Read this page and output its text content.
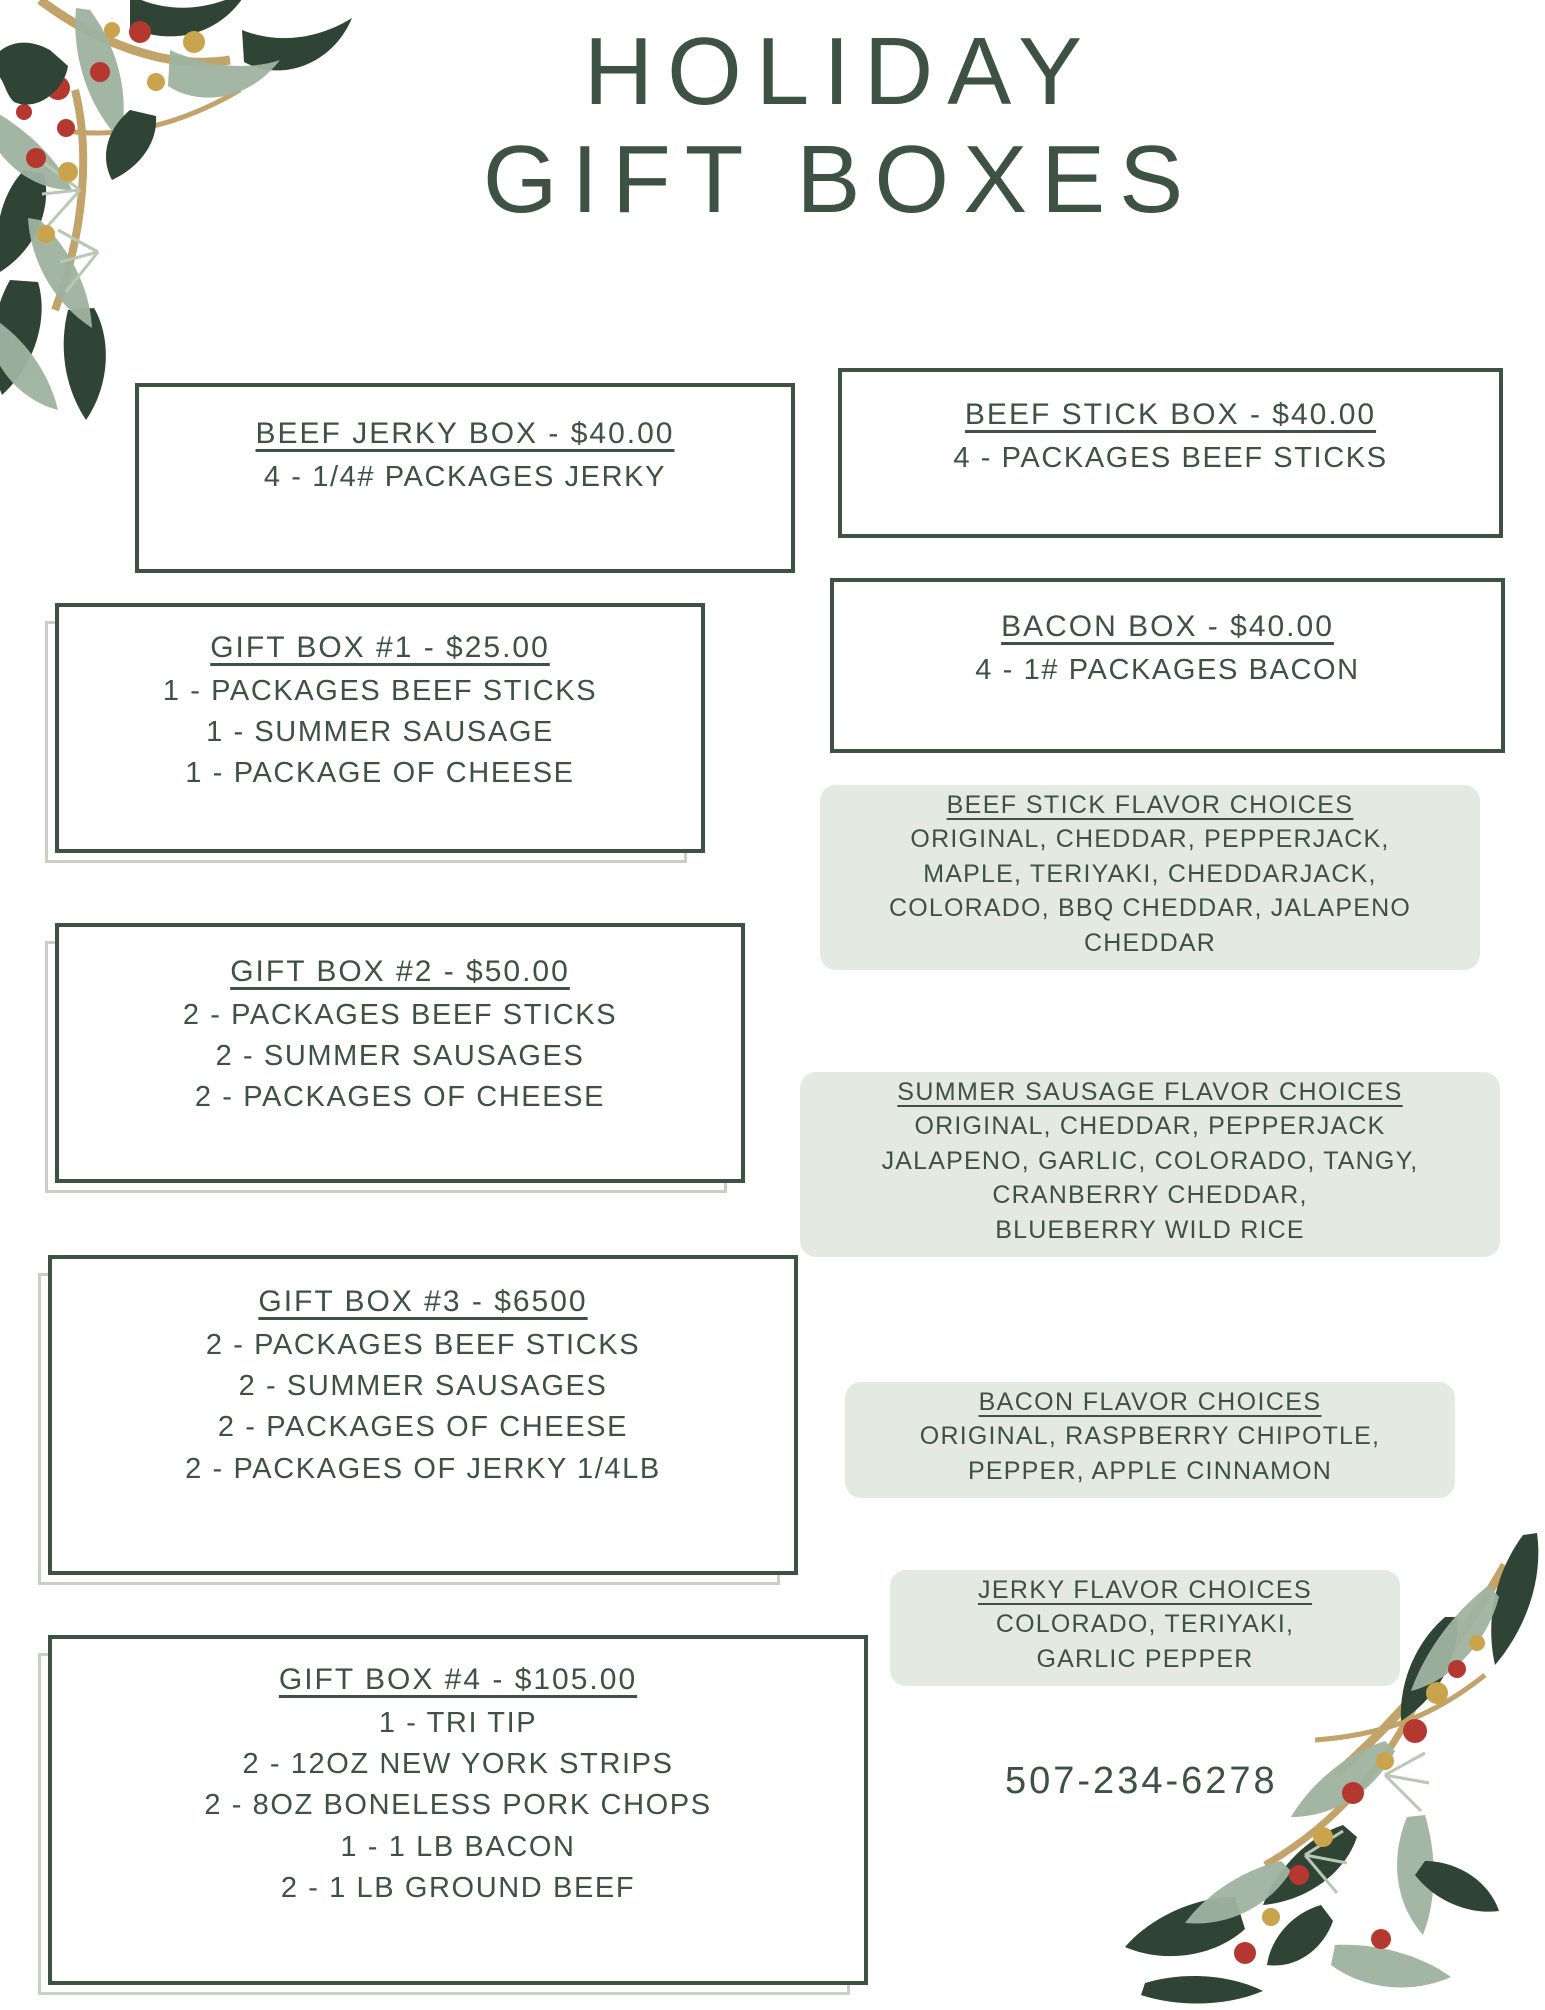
HOLIDAY
GIFT BOXES
BEEF JERKY BOX - $40.00
4 - 1/4# PACKAGES JERKY
GIFT BOX #1 - $25.00
1 - PACKAGES BEEF STICKS
1 - SUMMER SAUSAGE
1 - PACKAGE OF CHEESE
GIFT BOX #2 - $50.00
2 - PACKAGES BEEF STICKS
2 - SUMMER SAUSAGES
2 - PACKAGES OF CHEESE
GIFT BOX #3 - $6500
2 - PACKAGES BEEF STICKS
2 - SUMMER SAUSAGES
2 - PACKAGES OF CHEESE
2 - PACKAGES OF JERKY 1/4LB
GIFT BOX #4 - $105.00
1 - TRI TIP
2 - 12OZ NEW YORK STRIPS
2 - 8OZ BONELESS PORK CHOPS
1 - 1 LB BACON
2 - 1 LB GROUND BEEF
BEEF STICK BOX - $40.00
4 - PACKAGES BEEF STICKS
BACON BOX - $40.00
4 - 1# PACKAGES BACON
BEEF STICK FLAVOR CHOICES
ORIGINAL, CHEDDAR, PEPPERJACK,
MAPLE, TERIYAKI, CHEDDARJACK,
COLORADO, BBQ CHEDDAR, JALAPENO
CHEDDAR
SUMMER SAUSAGE FLAVOR CHOICES
ORIGINAL, CHEDDAR, PEPPERJACK
JALAPENO, GARLIC, COLORADO, TANGY,
CRANBERRY CHEDDAR,
BLUEBERRY WILD RICE
BACON FLAVOR CHOICES
ORIGINAL, RASPBERRY CHIPOTLE,
PEPPER, APPLE CINNAMON
JERKY FLAVOR CHOICES
COLORADO, TERIYAKI,
GARLIC PEPPER
507-234-6278
